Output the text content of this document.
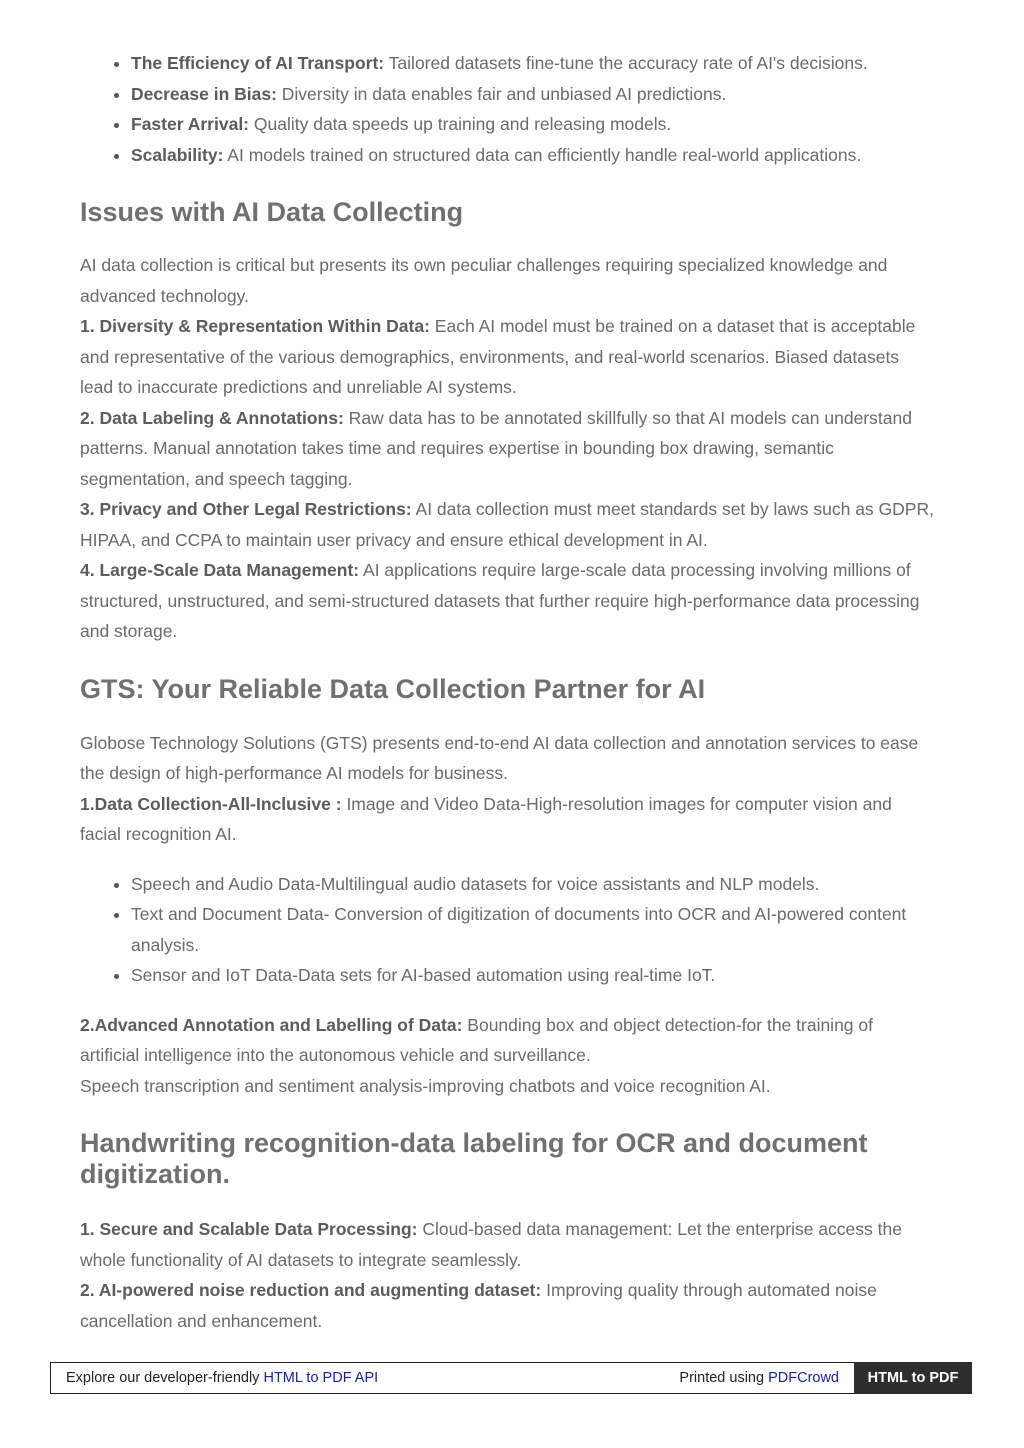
• The Efficiency of AI Transport: Tailored datasets fine-tune the accuracy rate of AI's decisions.
• Decrease in Bias: Diversity in data enables fair and unbiased AI predictions.
• Faster Arrival: Quality data speeds up training and releasing models.
• Scalability: AI models trained on structured data can efficiently handle real-world applications.
Issues with AI Data Collecting

AI data collection is critical but presents its own peculiar challenges requiring specialized knowledge and advanced technology.

1. Diversity & Representation Within Data: Each AI model must be trained on a dataset that is acceptable and representative of the various demographics, environments, and real-world scenarios. Biased datasets lead to inaccurate predictions and unreliable AI systems.

2. Data Labeling & Annotations: Raw data has to be annotated skillfully so that AI models can understand patterns. Manual annotation takes time and requires expertise in bounding box drawing, semantic segmentation, and speech tagging.

3. Privacy and Other Legal Restrictions: AI data collection must meet standards set by laws such as GDPR, HIPAA, and CCPA to maintain user privacy and ensure ethical development in AI.

4. Large-Scale Data Management: AI applications require large-scale data processing involving millions of structured, unstructured, and semi-structured datasets that further require high-performance data processing and storage.

GTS: Your Reliable Data Collection Partner for AI

Globose Technology Solutions (GTS) presents end-to-end AI data collection and annotation services to ease the design of high-performance AI models for business.

1.Data Collection-All-Inclusive : Image and Video Data-High-resolution images for computer vision and facial recognition AI.

• Speech and Audio Data-Multilingual audio datasets for voice assistants and NLP models.
• Text and Document Data- Conversion of digitization of documents into OCR and AI-powered content analysis.
• Sensor and IoT Data-Data sets for AI-based automation using real-time IoT.

2.Advanced Annotation and Labelling of Data: Bounding box and object detection-for the training of artificial intelligence into the autonomous vehicle and surveillance.

Speech transcription and sentiment analysis-improving chatbots and voice recognition AI.

Handwriting recognition-data labeling for OCR and document digitization.

1. Secure and Scalable Data Processing: Cloud-based data management: Let the enterprise access the whole functionality of AI datasets to integrate seamlessly.

2. AI-powered noise reduction and augmenting dataset: Improving quality through automated noise cancellation and enhancement.

Explore our developer-friendly HTML to PDF API	Printed using PDFCrowd	HTML to PDF
